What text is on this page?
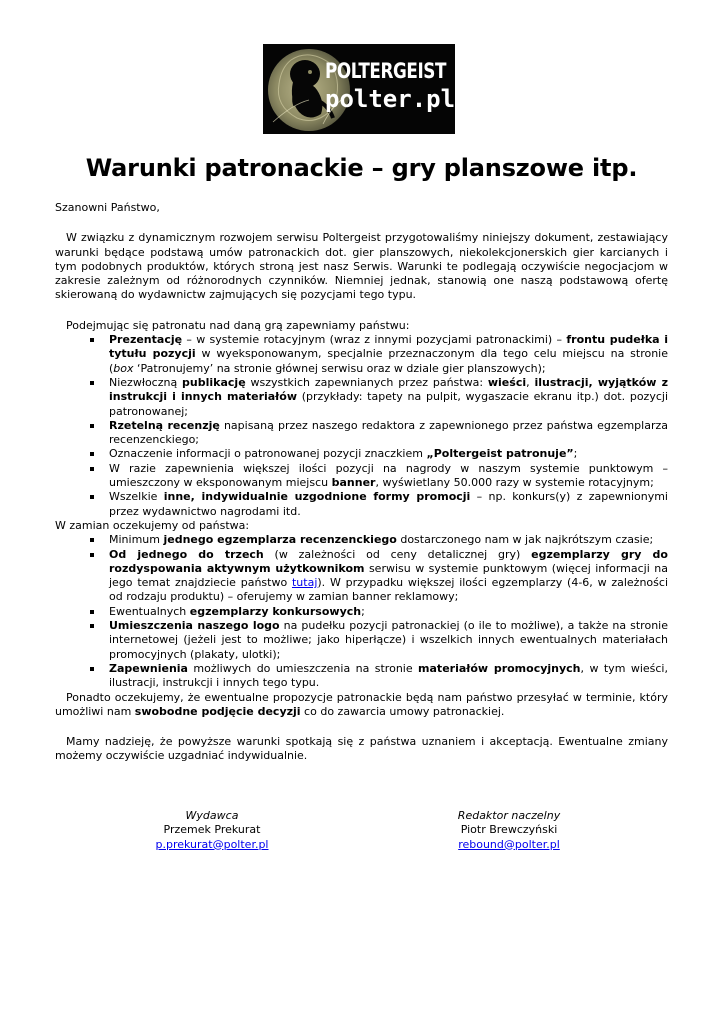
POLTERGEIST
polter.pl
Warunki patronackie – gry planszowe itp.

Szanowni Państwo,

W związku z dynamicznym rozwojem serwisu Poltergeist przygotowaliśmy niniejszy dokument, zestawiający warunki będące podstawą umów patronackich dot. gier planszowych, niekolekcjonerskich gier karcianych i tym podobnych produktów, których stroną jest nasz Serwis. Warunki te podlegają oczywiście negocjacjom w zakresie zależnym od różnorodnych czynników. Niemniej jednak, stanowią one naszą podstawową ofertę skierowaną do wydawnictw zajmujących się pozycjami tego typu.

Podejmując się patronatu nad daną grą zapewniamy państwu:

Prezentację – w systemie rotacyjnym (wraz z innymi pozycjami patronackimi) – frontu pudełka i tytułu pozycji w wyeksponowanym, specjalnie przeznaczonym dla tego celu miejscu na stronie (box ‘Patronujemy’ na stronie głównej serwisu oraz w dziale gier planszowych);
Niezwłoczną publikację wszystkich zapewnianych przez państwa: wieści, ilustracji, wyjątków z instrukcji i innych materiałów (przykłady: tapety na pulpit, wygaszacie ekranu itp.) dot. pozycji patronowanej;
Rzetelną recenzję napisaną przez naszego redaktora z zapewnionego przez państwa egzemplarza recenzenckiego;
Oznaczenie informacji o patronowanej pozycji znaczkiem „Poltergeist patronuje”;
W razie zapewnienia większej ilości pozycji na nagrody w naszym systemie punktowym – umieszczony w eksponowanym miejscu banner, wyświetlany 50.000 razy w systemie rotacyjnym;
Wszelkie inne, indywidualnie uzgodnione formy promocji – np. konkurs(y) z zapewnionymi przez wydawnictwo nagrodami itd.

W zamian oczekujemy od państwa:

Minimum jednego egzemplarza recenzenckiego dostarczonego nam w jak najkrótszym czasie;
Od jednego do trzech (w zależności od ceny detalicznej gry) egzemplarzy gry do rozdyspowania aktywnym użytkownikom serwisu w systemie punktowym (więcej informacji na jego temat znajdziecie państwo tutaj). W przypadku większej ilości egzemplarzy (4-6, w zależności od rodzaju produktu) – oferujemy w zamian banner reklamowy;
Ewentualnych egzemplarzy konkursowych;
Umieszczenia naszego logo na pudełku pozycji patronackiej (o ile to możliwe), a także na stronie internetowej (jeżeli jest to możliwe; jako hiperłącze) i wszelkich innych ewentualnych materiałach promocyjnych (plakaty, ulotki);
Zapewnienia możliwych do umieszczenia na stronie materiałów promocyjnych, w tym wieści, ilustracji, instrukcji i innych tego typu.

Ponadto oczekujemy, że ewentualne propozycje patronackie będą nam państwo przesyłać w terminie, który umożliwi nam swobodne podjęcie decyzji co do zawarcia umowy patronackiej.

Mamy nadzieję, że powyższe warunki spotkają się z państwa uznaniem i akceptacją. Ewentualne zmiany możemy oczywiście uzgadniać indywidualnie.

Wydawca
Przemek Prekurat
p.prekurat@polter.pl
Redaktor naczelny
Piotr Brewczyński
rebound@polter.pl
